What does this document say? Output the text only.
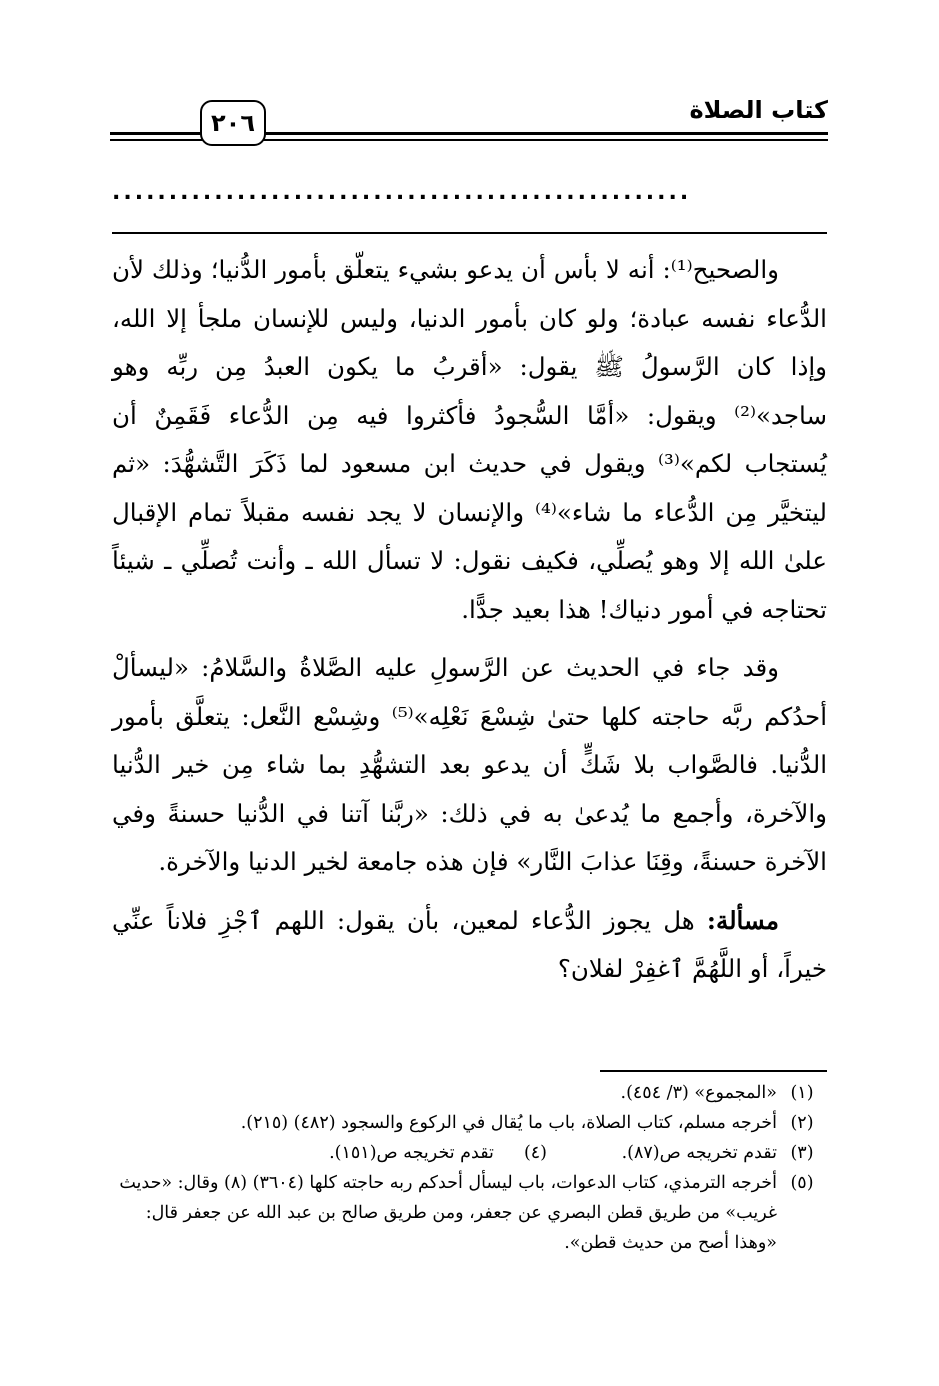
٢٠٦	كتاب الصلاة
...................................................

والصحيح⁽¹⁾: أنه لا بأس أن يدعو بشيء يتعلّق بأمور الدُّنيا؛ وذلك لأن الدُّعاء نفسه عبادة؛ ولو كان بأمور الدنيا، وليس للإنسان ملجأ إلا الله، وإذا كان الرَّسولُ ﷺ يقول: «أقربُ ما يكون العبدُ مِن ربِّه وهو ساجد»⁽²⁾ ويقول: «أمَّا السُّجودُ فأكثروا فيه مِن الدُّعاء فَقَمِنٌ أن يُستجاب لكم»⁽³⁾ ويقول في حديث ابن مسعود لما ذَكَرَ التَّشهُّدَ: «ثم ليتخيَّر مِن الدُّعاء ما شاء»⁽⁴⁾ والإنسان لا يجد نفسه مقبلاً تمام الإقبال علىٰ الله إلا وهو يُصلِّي، فكيف نقول: لا تسأل الله ـ وأنت تُصلِّي ـ شيئاً تحتاجه في أمور دنياك! هذا بعيد جدًّا.

وقد جاء في الحديث عن الرَّسولِ عليه الصَّلاةُ والسَّلامُ: «ليسألْ أحدُكم ربَّه حاجته كلها حتىٰ شِسْعَ نَعْلِه»⁽⁵⁾ وشِسْع النَّعل: يتعلَّق بأمور الدُّنيا. فالصَّواب بلا شَكٍّ أن يدعو بعد التشهُّدِ بما شاء مِن خير الدُّنيا والآخرة، وأجمع ما يُدعىٰ به في ذلك: «ربَّنا آتنا في الدُّنيا حسنةً وفي الآخرة حسنةً، وقِنَا عذابَ النَّار» فإن هذه جامعة لخير الدنيا والآخرة.

مسألة: هل يجوز الدُّعاء لمعين، بأن يقول: اللهم ٱجْزِ فلاناً عنِّي خيراً، أو اللَّهُمَّ ٱغفِرْ لفلان؟

(١)
«المجموع» (٣/ ٤٥٤).
(٢)
أخرجه مسلم، كتاب الصلاة، باب ما يُقال في الركوع والسجود (٤٨٢) (٢١٥).
(٣)
تقدم تخريجه ص(٨٧).(٤)تقدم تخريجه ص(١٥١).
(٥)
أخرجه الترمذي، كتاب الدعوات، باب ليسأل أحدكم ربه حاجته كلها (٣٦٠٤) (٨) وقال: «حديث غريب» من طريق قطن البصري عن جعفر، ومن طريق صالح بن عبد الله عن جعفر قال: «وهذا أصح من حديث قطن».
